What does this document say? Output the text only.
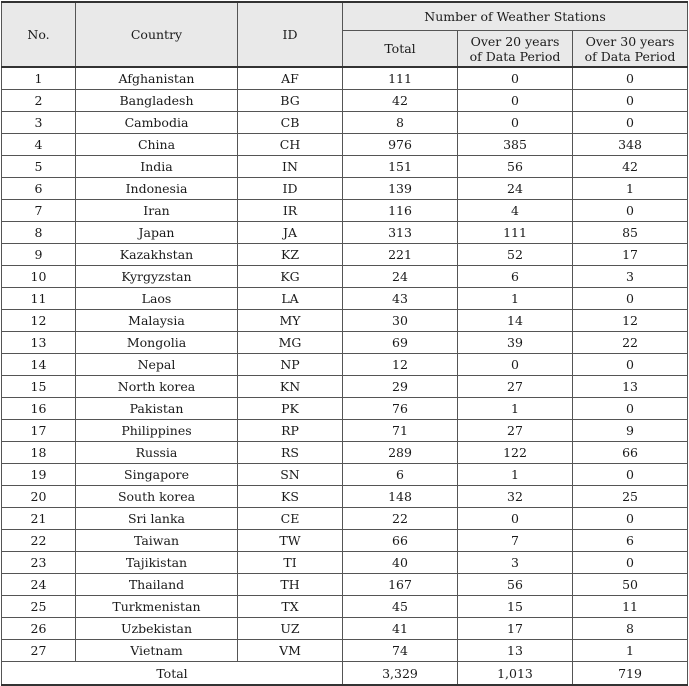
No.	Country	ID	Number of Weather Stations		
			Total	Over 20 years
of Data Period	Over 30 years
of Data Period
1	Afghanistan	AF	111	0	0
2	Bangladesh	BG	42	0	0
3	Cambodia	CB	8	0	0
4	China	CH	976	385	348
5	India	IN	151	56	42
6	Indonesia	ID	139	24	1
7	Iran	IR	116	4	0
8	Japan	JA	313	111	85
9	Kazakhstan	KZ	221	52	17
10	Kyrgyzstan	KG	24	6	3
11	Laos	LA	43	1	0
12	Malaysia	MY	30	14	12
13	Mongolia	MG	69	39	22
14	Nepal	NP	12	0	0
15	North korea	KN	29	27	13
16	Pakistan	PK	76	1	0
17	Philippines	RP	71	27	9
18	Russia	RS	289	122	66
19	Singapore	SN	6	1	0
20	South korea	KS	148	32	25
21	Sri lanka	CE	22	0	0
22	Taiwan	TW	66	7	6
23	Tajikistan	TI	40	3	0
24	Thailand	TH	167	56	50
25	Turkmenistan	TX	45	15	11
26	Uzbekistan	UZ	41	17	8
27	Vietnam	VM	74	13	1
Total			3,329	1,013	719
